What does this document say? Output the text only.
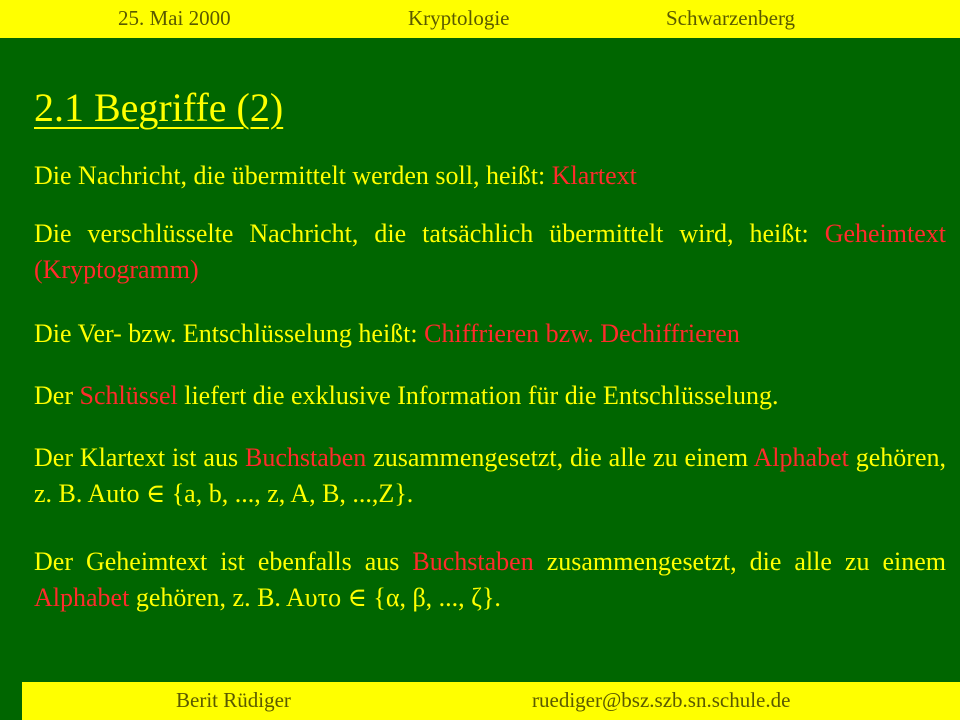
25. Mai 2000	Kryptologie	Schwarzenberg
2.1 Begriffe (2)

Die Nachricht, die übermittelt werden soll, heißt: Klartext

Die verschlüsselte Nachricht, die tatsächlich übermittelt wird, heißt: Geheimtext (Kryptogramm)

Die Ver- bzw. Entschlüsselung heißt: Chiffrieren bzw. Dechiffrieren

Der Schlüssel liefert die exklusive Information für die Entschlüsselung.

Der Klartext ist aus Buchstaben zusammengesetzt, die alle zu einem Alphabet gehören, z. B. Auto ∈ {a, b, ..., z, A, B, ...,Z}.

Der Geheimtext ist ebenfalls aus Buchstaben zusammengesetzt, die alle zu einem Alphabet gehören, z. B. Aυτο ∈ {α, β, ..., ζ}.

Berit Rüdiger	ruediger@bsz.szb.sn.schule.de
